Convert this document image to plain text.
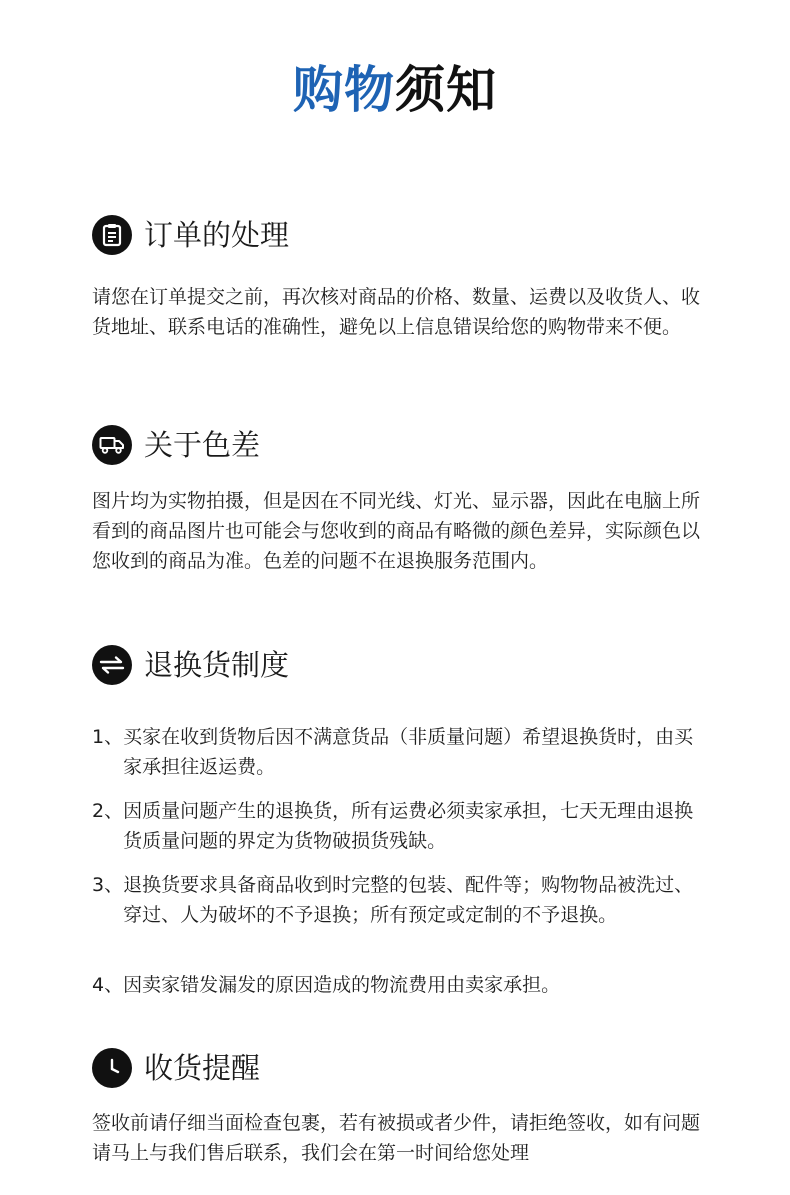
购物须知
订单的处理

请您在订单提交之前，再次核对商品的价格、数量、运费以及收货人、收货地址、联系电话的准确性，避免以上信息错误给您的购物带来不便。

关于色差

图片均为实物拍摄，但是因在不同光线、灯光、显示器，因此在电脑上所看到的商品图片也可能会与您收到的商品有略微的颜色差异，实际颜色以您收到的商品为准。色差的问题不在退换服务范围内。

退换货制度
1、 买家在收到货物后因不满意货品（非质量问题）希望退换货时，由买家承担往返运费。
2、 因质量问题产生的退换货，所有运费必须卖家承担，七天无理由退换货质量问题的界定为货物破损货残缺。
3、 退换货要求具备商品收到时完整的包装、配件等；购物物品被洗过、穿过、人为破坏的不予退换；所有预定或定制的不予退换。
4、 因卖家错发漏发的原因造成的物流费用由卖家承担。
收货提醒

签收前请仔细当面检查包裹，若有被损或者少件，请拒绝签收，如有问题请马上与我们售后联系，我们会在第一时间给您处理
